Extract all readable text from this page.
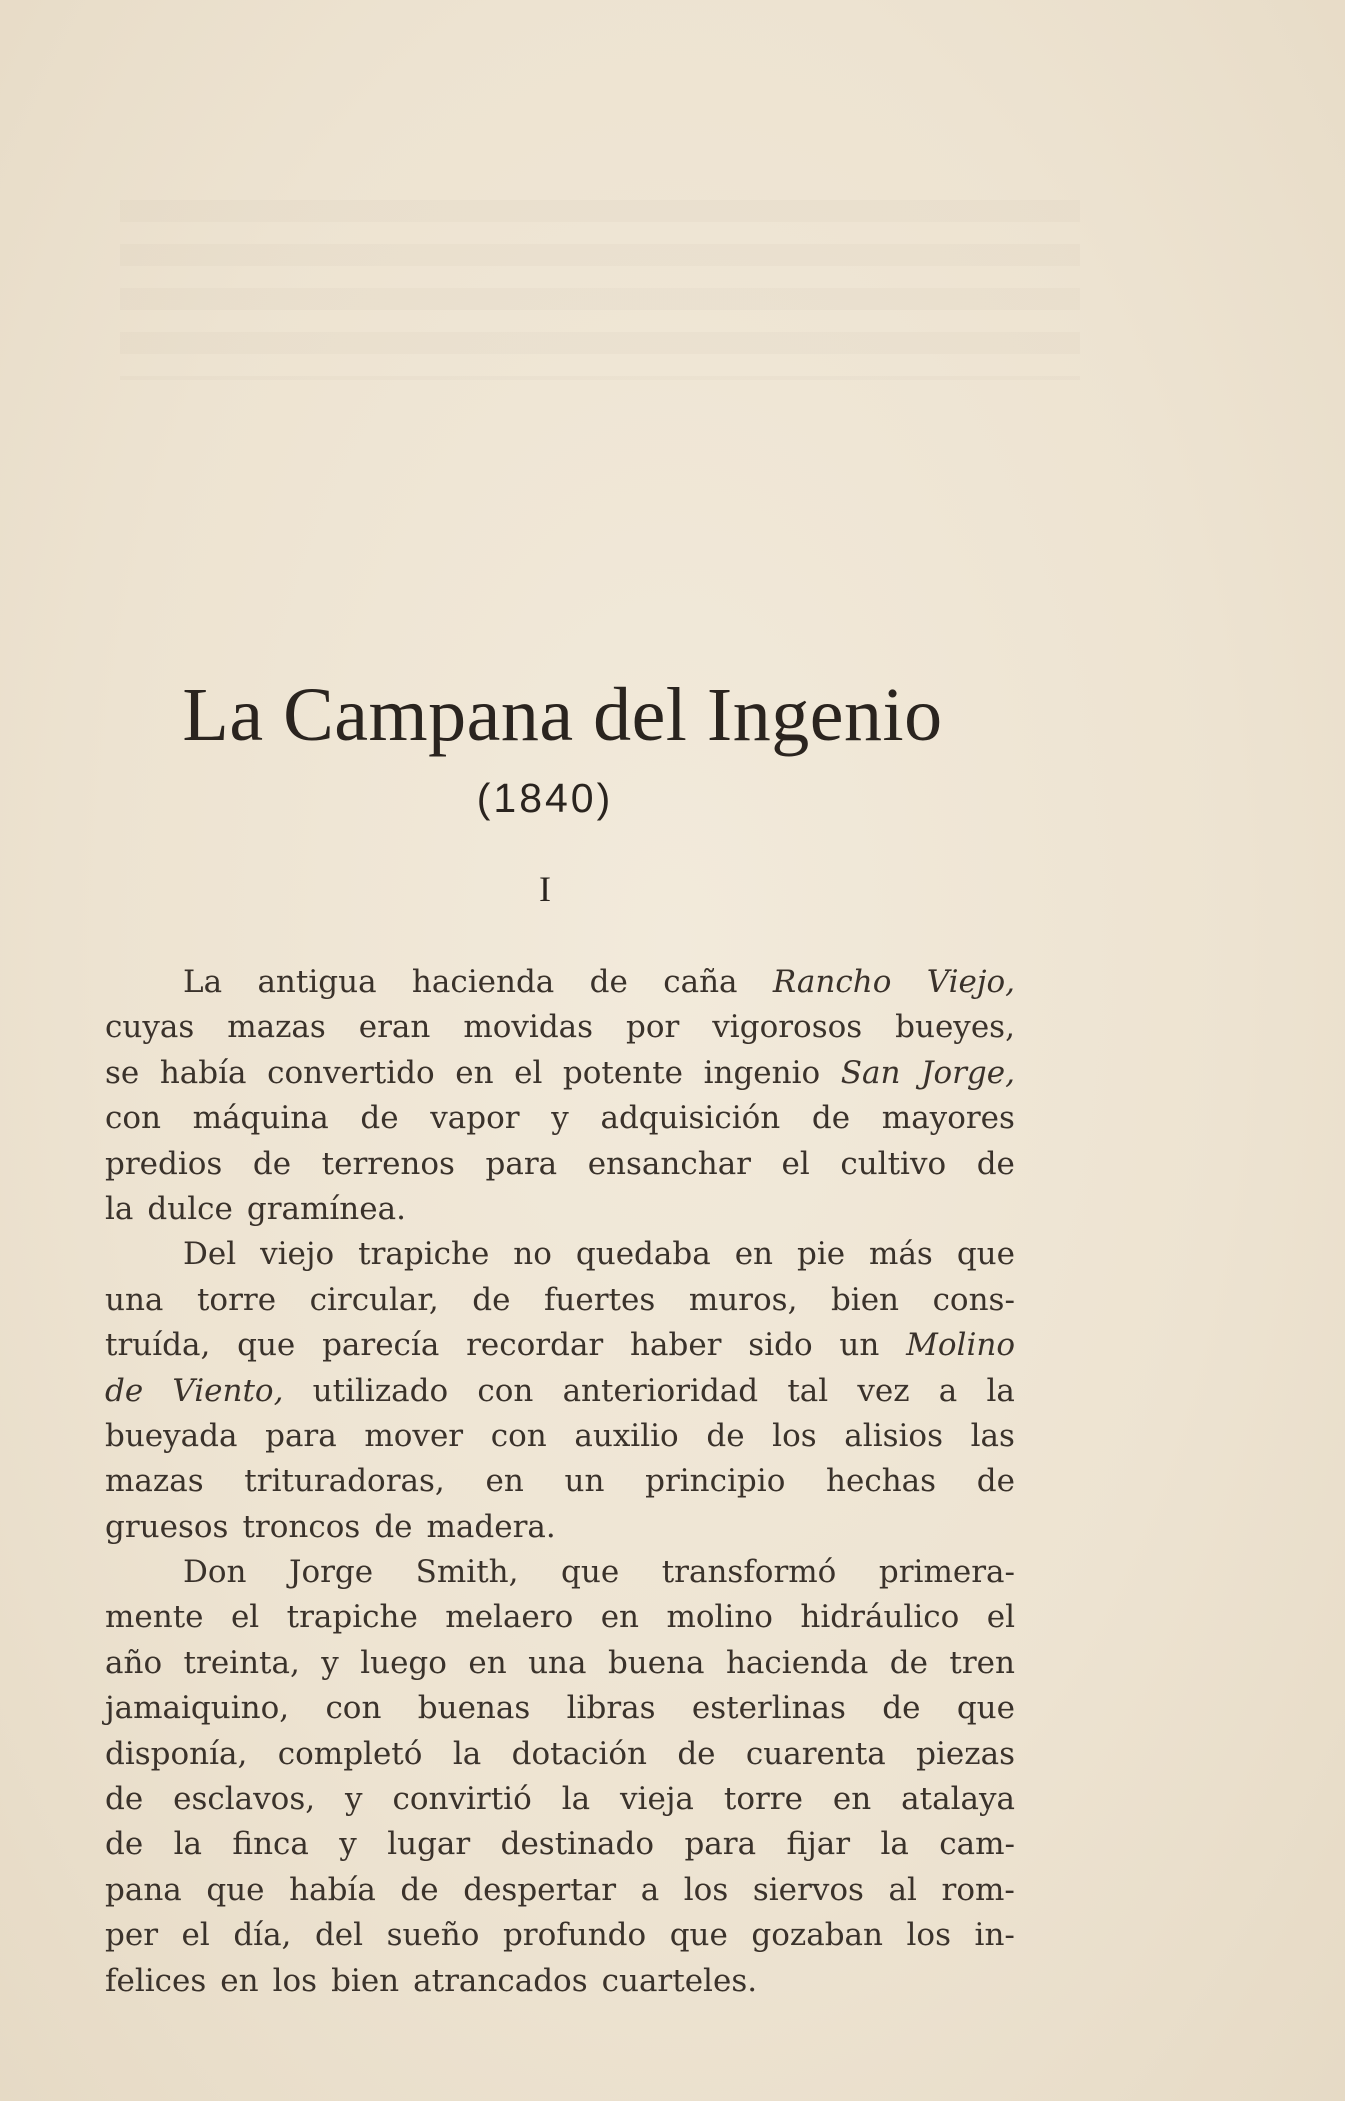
La Campana del Ingenio
(1840)
I
La antigua hacienda de caña Rancho Viejo,
cuyas mazas eran movidas por vigorosos bueyes,
se había convertido en el potente ingenio San Jorge,
con máquina de vapor y adquisición de mayores
predios de terrenos para ensanchar el cultivo de
la dulce gramínea.
Del viejo trapiche no quedaba en pie más que
una torre circular, de fuertes muros, bien cons-
truída, que parecía recordar haber sido un Molino
de Viento, utilizado con anterioridad tal vez a la
bueyada para mover con auxilio de los alisios las
mazas trituradoras, en un principio hechas de
gruesos troncos de madera.
Don Jorge Smith, que transformó primera-
mente el trapiche melaero en molino hidráulico el
año treinta, y luego en una buena hacienda de tren
jamaiquino, con buenas libras esterlinas de que
disponía, completó la dotación de cuarenta piezas
de esclavos, y convirtió la vieja torre en atalaya
de la finca y lugar destinado para fijar la cam-
pana que había de despertar a los siervos al rom-
per el día, del sueño profundo que gozaban los in-
felices en los bien atrancados cuarteles.
